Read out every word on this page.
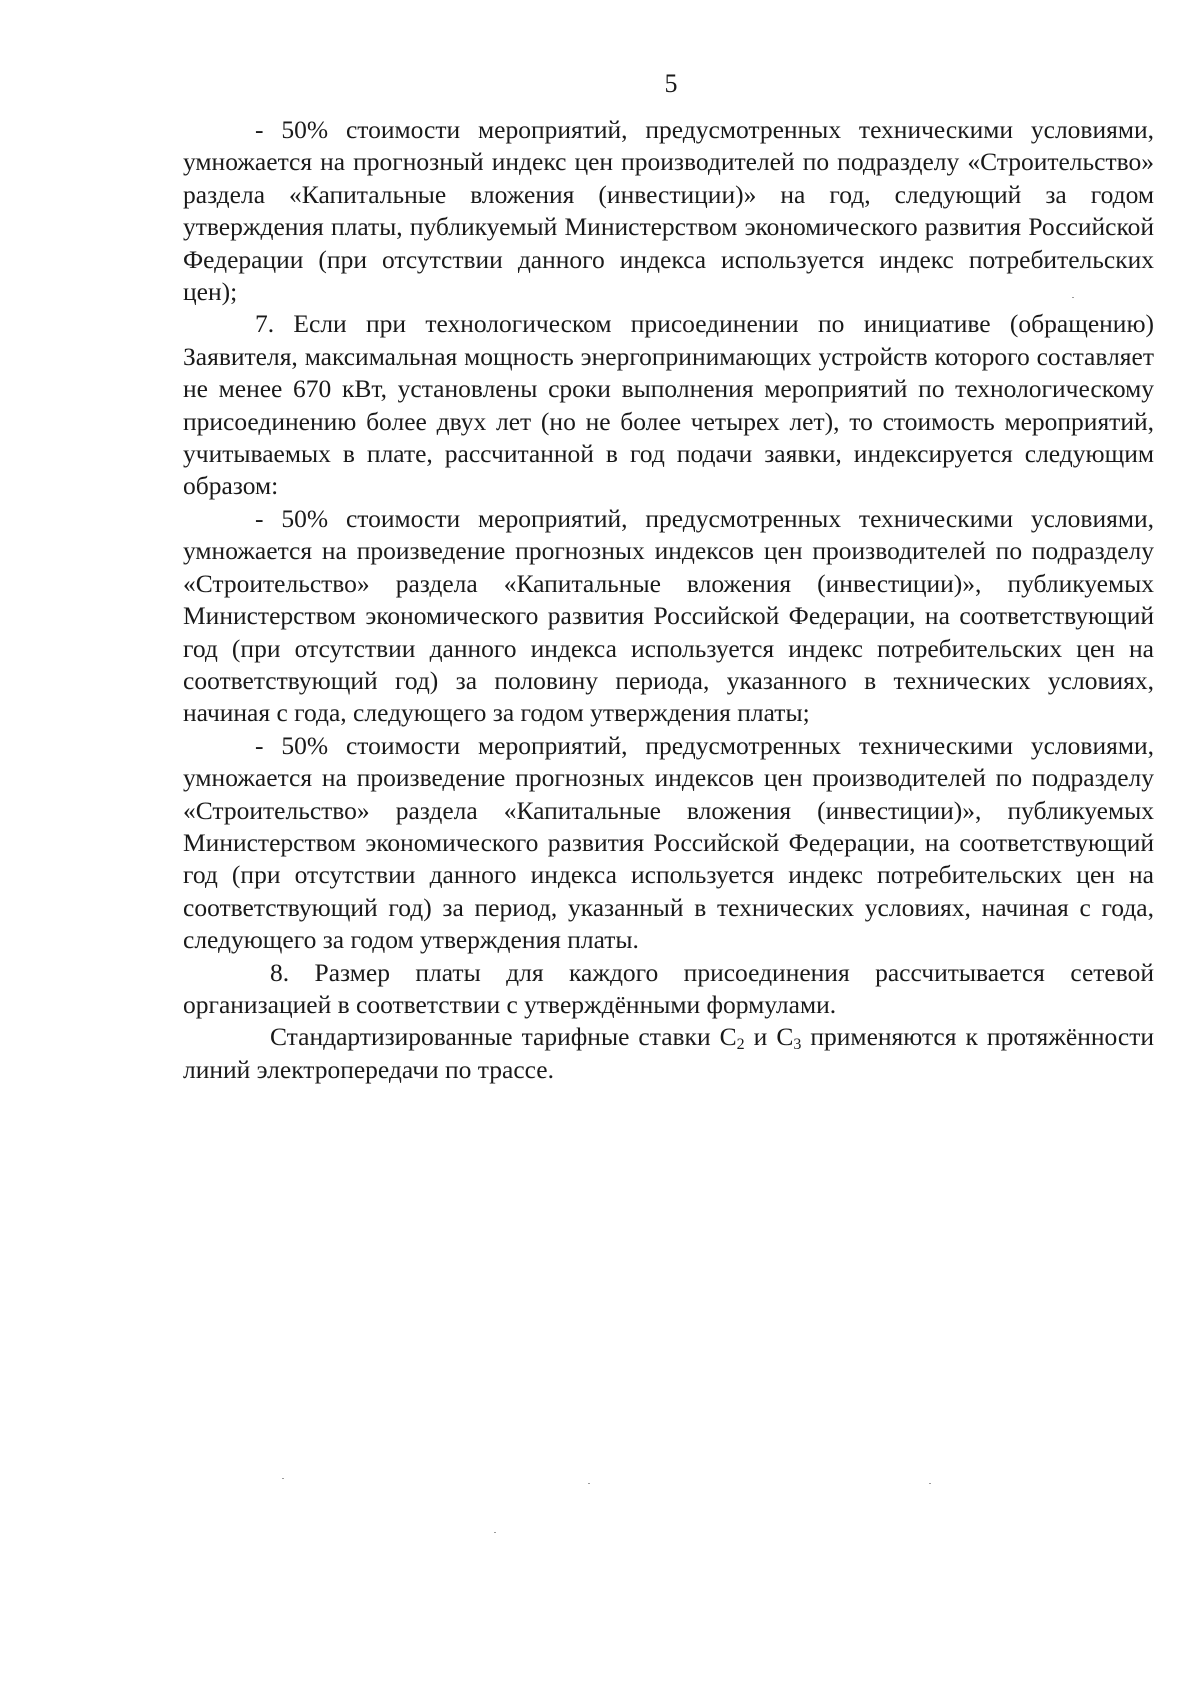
5

- 50% стоимости мероприятий, предусмотренных техническими условиями, умножается на прогнозный индекс цен производителей по подразделу «Строительство» раздела «Капитальные вложения (инвестиции)» на год, следующий за годом утверждения платы, публикуемый Министерством экономического развития Российской Федерации (при отсутствии данного индекса используется индекс потребительских цен);

7. Если при технологическом присоединении по инициативе (обращению) Заявителя, максимальная мощность энергопринимающих устройств которого составляет не менее 670 кВт, установлены сроки выполнения мероприятий по технологическому присоединению более двух лет (но не более четырех лет), то стоимость мероприятий, учитываемых в плате, рассчитанной в год подачи заявки, индексируется следующим образом:

- 50% стоимости мероприятий, предусмотренных техническими условиями, умножается на произведение прогнозных индексов цен производителей по подразделу «Строительство» раздела «Капитальные вложения (инвестиции)», публикуемых Министерством экономического развития Российской Федерации, на соответствующий год (при отсутствии данного индекса используется индекс потребительских цен на соответствующий год) за половину периода, указанного в технических условиях, начиная с года, следующего за годом утверждения платы;

- 50% стоимости мероприятий, предусмотренных техническими условиями, умножается на произведение прогнозных индексов цен производителей по подразделу «Строительство» раздела «Капитальные вложения (инвестиции)», публикуемых Министерством экономического развития Российской Федерации, на соответствующий год (при отсутствии данного индекса используется индекс потребительских цен на соответствующий год) за период, указанный в технических условиях, начиная с года, следующего за годом утверждения платы.

8. Размер платы для каждого присоединения рассчитывается сетевой организацией в соответствии с утверждёнными формулами.

Стандартизированные тарифные ставки $С_2$ и $С_3$ применяются к протяжённости линий электропередачи по трассе.
